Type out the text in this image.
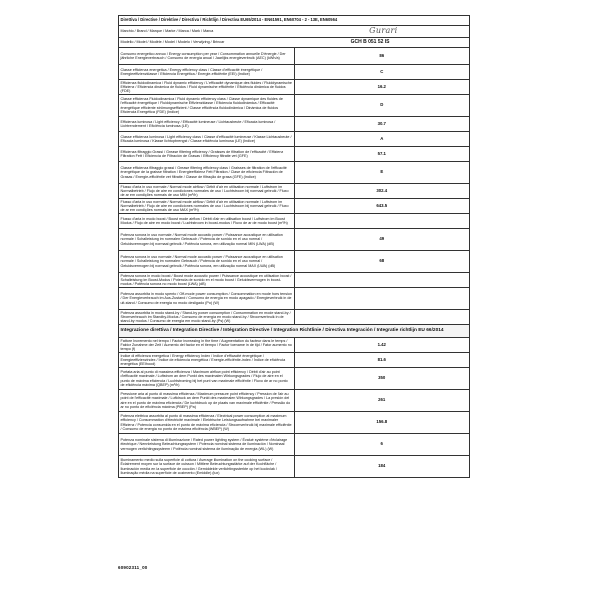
Direttiva / Directive / Direktive / Directiva / Richtlijn / Directiva EU65/2014 - EN61591, EN60704 - 2 - 13E, EN60564	
Marchio / Brand / Marque / Marke / Marca / Mark / Marca Gurari	

Modello / Model / Modèle / Model / Modelo / Verwijzing / Brincar GCH B 051 52 IS	

Consumo energetico annuo / Energy consumption per year / Consommation annuelle D'énergie / Der jährliche Energieverbrauch / Consumo de energía anual / Jaarlijks energieverbruik (AEC) (kWh/a)	86
Classe efficienza energetica / Energy efficiency class / Classe d'efficacité énergétique / Energieeffizienzklasse / Eficiencia Energética / Energie-efficiëntie (EEI) (Indice)	C
Efficienza fluidodinamica / Fluid dynamic efficiency / L'efficacité dynamique des fluides / Fluiddynamische Effizienz / Eficiencia dinámica de fluidos / Fluid dynamische efficiëntie / Eficiência dinâmica de fluidos (FDE)	16.2
Classe efficienza Fluidodinamica / Fluid dynamic efficiency class / Classe dynamique des fluides de l'efficacité énergétique / Fluiddynamische Effizienzklasse / Eficiencia fluidodinámica / Efficacité énergétique efficiente strömungseffizient / Classe efficiência fluidodinâmica / Dinámica de fluidos Eficiencia Energética (FDE) (Indice)	D
Efficienza luminosa / Light efficiency / Efficacité lumineuse / Lichtausbeute / Eficacia luminosa / Lichtrendement / Eficiência luminosa (LE)	30.7
Classe efficienza luminosa / Light efficiency class / Classe d'efficacité lumineuse / Klasse Lichtausbeute / Eficacia luminosa / Klasse lichtopbrengst / Classe eficiência luminosa (LE) (Indice)	A
Efficienza filtraggio Grassi / Grease filtering efficiency / Graisses de filtration de l'efficacité / Effizienz Filtration Fett / Eficiencia de Filtración de Grasas / Efficiency filtratie vet (GFE)	57.1
Classe efficienza filtraggio grassi / Grease filtering efficiency class / Graisses de filtration de l'efficacité énergétique de la graisse filtration / Energieeffizienz Fett Filtration / Clase de eficiencia Filtración de Grasas / Energie-efficiëntie vet filtratie / Classe de filtração de grasa (GFE) (Indice)	E
Flusso d'aria in uso normale / Normal mode airflow / Débit d'air en utilisation normale / Luftstrom im Normalbetrieb / Flujo de aire en condiciones normales de uso / Luchtstroom bij normaal gebruik / Fluxo de ar em condições normais de uso MIN (m³/h)	302.4
Flusso d'aria in uso normale / Normal mode airflow / Débit d'air en utilisation normale / Luftstrom im Normalbetrieb / Flujo de aire en condiciones normales de uso / Luchtstroom bij normaal gebruik / Fluxo de ar em condições normais de uso MAX (m³/h)	643.5
Flusso d'aria in modo boost / Boost mode airflow / Débit d'air en utilisation boost / Luftstrom im Boost Modus / Flujo de aire en modo boost / Luchtstroom in boost-modus / Fluxo de ar de modo boost (m³/h)	
Potenza sonora in uso normale / Normal mode acoustic power / Puissance acoustique en utilisation normale / Schalleistung im normalen Gebrauch / Potencia de sonido en el uso normal / Geluidsvermogen bij normaal gebruik / Potência sonora, em utilização normal MIN (LWA) (dB)	49
Potenza sonora in uso normale / Normal mode acoustic power / Puissance acoustique en utilisation normale / Schalleistung im normalen Gebrauch / Potencia de sonido en el uso normal / Geluidsvermogen bij normaal gebruik / Potência sonora, em utilização normal MAX (LWA) (dB)	68
Potenza sonora in modo boost / Boost mode acoustic power / Puissance acoustique en utilisation boost / Schalleistung im Boost-Modus / Potencia de sonido en el modo boost / Geluidsvermogen in boost-modus / Potência sonora no modo boost (LWA) (dB)	
Potenza assorbita in modo spento / Off-mode power consumption / Consommation en mode hors tension / Der Energieverbrauch im Aus-Zustand / Consumo de energía en modo apagado / Energieverbruik in de uit-stand / Consumo de energia no modo desligado (Po) (W)	
Potenza assorbita in modo stand-by / Stand-by power consumption / Consommation en mode stand-by / Stromverbrauch im Standby-Modus / Consumo de energía en modo stand-by / Stroomverbruik in de stand-by modus / Consumo de energia em modo stand-by (Ps) (W)	
Integrazione direttiva / Integration Directive / Intégration Directive / Integration Richtlinie / Directiva Integración / Integratie richtlijn EU 66/2014	
Fattore Incremento nel tempo / Factor increasing in the time / Augmentation du facteur dans le temps / Faktor Zunahme der Zeit / Aumento del factor en el tiempo / Factor toename in de tijd / Fator aumento no tempo (f)	1.42
Indice di efficienza energetica / Energy efficiency Index / Indice d'efficacité énergétique / Energieeffizienzindex / Índice de eficiencia energética / Energie-efficiëntie-index / Índice de eficiência energética (EEIhood)	81.6
Portata aria al punto di massima efficienza / Maximum airflow point efficiency / Débit d'air au point d'efficacité maximale / Luftstrom an dem Punkt des maximalen Wirkungsgrades / Flujo de aire en el punto de máxima eficiencia / Luchtstroming bij het punt van maximale efficiëntie / Fluxo de ar no ponto de eficiência máxima (QBEP) (m³/h)	350
Pressione aria al punto di massima efficienza / Maximum pressure point efficiency / Pression de l'air au point de l'efficacité maximale / Luftdruck an dem Punkt des maximalen Wirkungsgrades / La presión del aire en el punto de máxima eficiencia / De luchtdruck op de plaats van maximale efficiëntie / Pressão do ar no ponto de eficiência máxima (PBEP) (Pa)	261
Potenza elettrica assorbita al punto di massima efficienza / Electrical power consumption at maximum efficiency / Consommation d'électricité maximale / Elektrische Leistungsaufnahme bei maximaler Effizienz / Potencia consumida en el punto de máxima eficiencia / Stroomverbruik bij maximale efficiëntie / Consumo de energia no ponto de máxima eficiência (WBEP) (W)	156.8
Potenza nominale sistema di illuminazione / Rated power lighting system / Évalué système d'éclairage électrique / Nennleistung Beleuchtungssystem / Potencia nominal sistema de iluminación / Nominaal vermogen verlichtingssysteem / Potência nominal sistema de iluminação de energia (WL) (W)	6
Illuminamento medio sulla superficie di cottura / Average illumination on the cooking surface / Éclairement moyen sur la surface de cuisson / Mittlere Beleuchtungsstärke auf der Kochfläche / Iluminación media en la superficie de cocción / Gemiddelde verlichtingssterkte op het kookvlak / Iluminação média na superfície de cozimento (Emiddle) (lux)	184
60902311_00
